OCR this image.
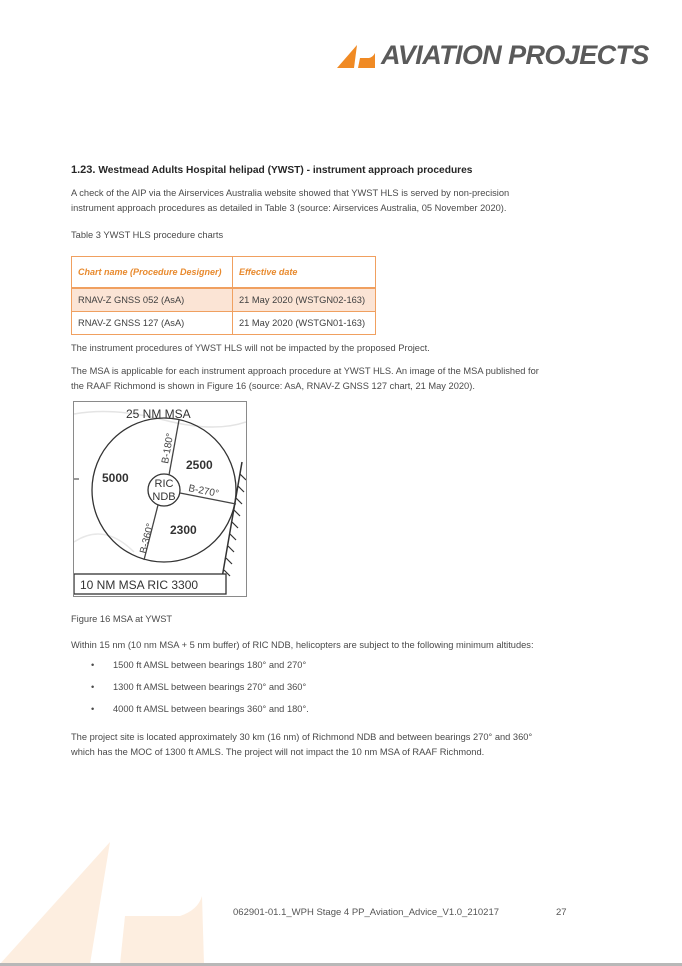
AVIATION PROJECTS
1.23. Westmead Adults Hospital helipad (YWST) - instrument approach procedures
A check of the AIP via the Airservices Australia website showed that YWST HLS is served by non-precision
instrument approach procedures as detailed in Table 3 (source: Airservices Australia, 05 November 2020).
Table 3 YWST HLS procedure charts
Chart name (Procedure Designer)	Effective date
RNAV-Z GNSS 052 (AsA)	21 May 2020 (WSTGN02-163)
RNAV-Z GNSS 127 (AsA)	21 May 2020 (WSTGN01-163)
The instrument procedures of YWST HLS will not be impacted by the proposed Project.
The MSA is applicable for each instrument approach procedure at YWST HLS. An image of the MSA published for
the RAAF Richmond is shown in Figure 16 (source: AsA, RNAV-Z GNSS 127 chart, 21 May 2020).
25 NM MSA
RIC
NDB
5000
2500
2300
B-180°
B-270°
B-360°
10 NM MSA RIC 3300
Figure 16 MSA at YWST
Within 15 nm (10 nm MSA + 5 nm buffer) of RIC NDB, helicopters are subject to the following minimum altitudes:
• 1500 ft AMSL between bearings 180° and 270°
• 1300 ft AMSL between bearings 270° and 360°
• 4000 ft AMSL between bearings 360° and 180°.
The project site is located approximately 30 km (16 nm) of Richmond NDB and between bearings 270° and 360°
which has the MOC of 1300 ft AMLS. The project will not impact the 10 nm MSA of RAAF Richmond.
062901-01.1_WPH Stage 4 PP_Aviation_Advice_V1.0_210217	27
